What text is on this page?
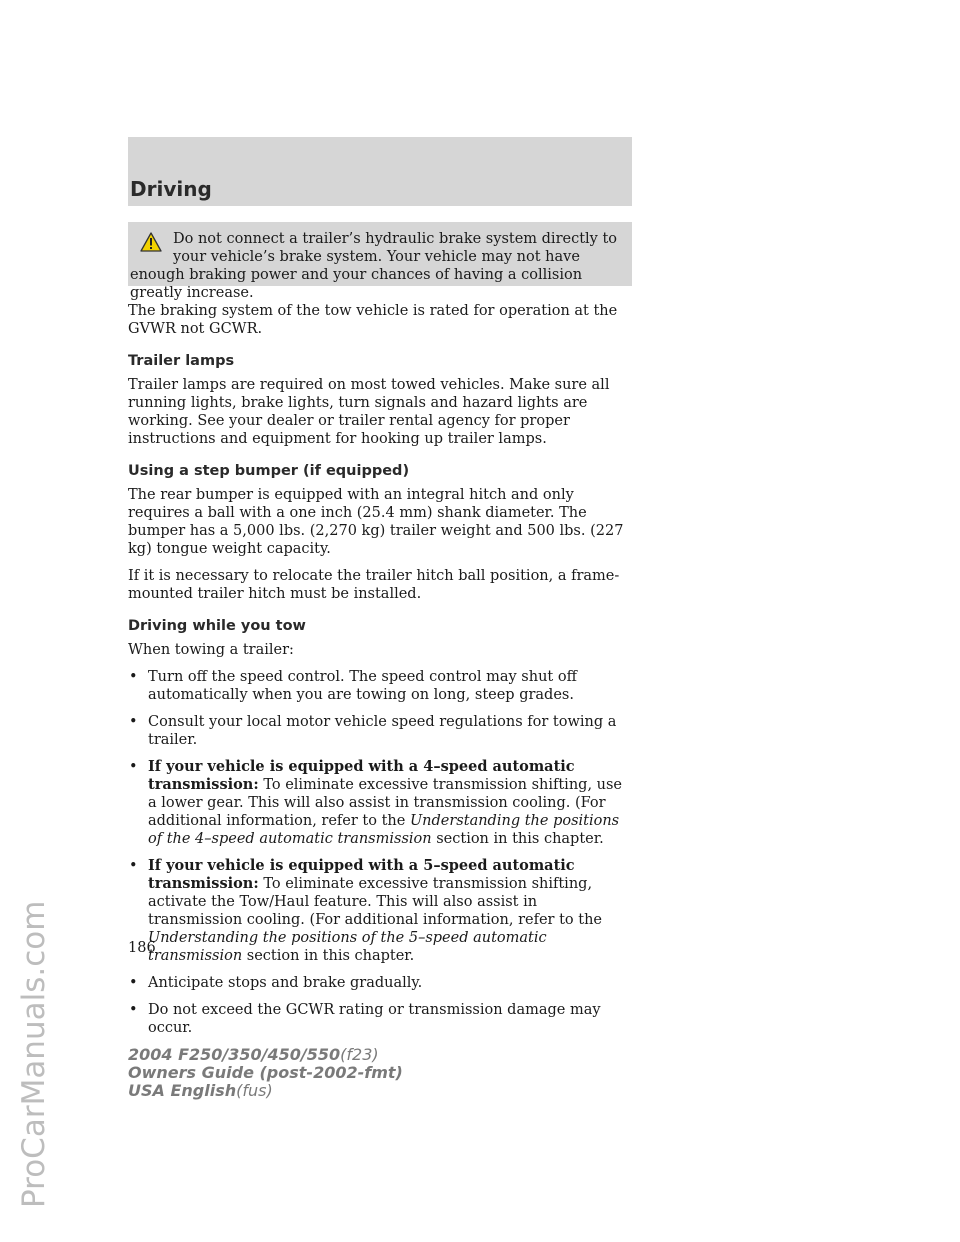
ProCarManuals.com
Driving

Do not connect a trailer’s hydraulic brake system directly to your vehicle’s brake system. Your vehicle may not have enough braking power and your chances of having a collision greatly increase.

The braking system of the tow vehicle is rated for operation at the GVWR not GCWR.

Trailer lamps

Trailer lamps are required on most towed vehicles. Make sure all running lights, brake lights, turn signals and hazard lights are working. See your dealer or trailer rental agency for proper instructions and equipment for hooking up trailer lamps.

Using a step bumper (if equipped)

The rear bumper is equipped with an integral hitch and only requires a ball with a one inch (25.4 mm) shank diameter. The bumper has a 5,000 lbs. (2,270 kg) trailer weight and 500 lbs. (227 kg) tongue weight capacity.

If it is necessary to relocate the trailer hitch ball position, a frame-mounted trailer hitch must be installed.

Driving while you tow

When towing a trailer:

• Turn off the speed control. The speed control may shut off automatically when you are towing on long, steep grades.
• Consult your local motor vehicle speed regulations for towing a trailer.
• If your vehicle is equipped with a 4–speed automatic transmission: To eliminate excessive transmission shifting, use a lower gear. This will also assist in transmission cooling. (For additional information, refer to the Understanding the positions of the 4–speed automatic transmission section in this chapter.
• If your vehicle is equipped with a 5–speed automatic transmission: To eliminate excessive transmission shifting, activate the Tow/Haul feature. This will also assist in transmission cooling. (For additional information, refer to the Understanding the positions of the 5–speed automatic transmission section in this chapter.
• Anticipate stops and brake gradually.
• Do not exceed the GCWR rating or transmission damage may occur.
186
2004 F250/350/450/550(f23)
Owners Guide (post-2002-fmt)
USA English(fus)
